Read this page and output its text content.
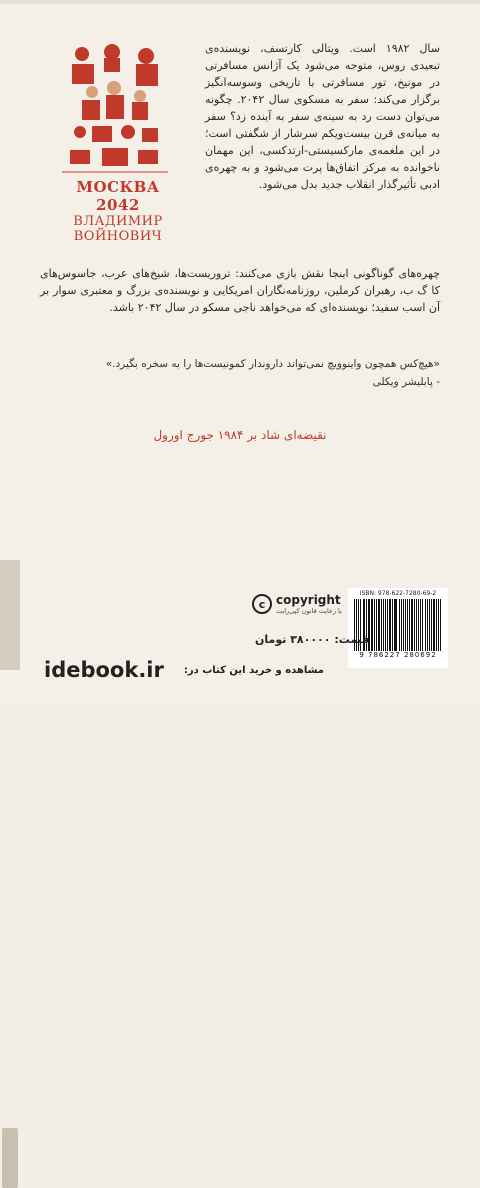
МОСКВА 2042
ВЛАДИМИР
ВОЙНОВИЧ
سال ۱۹۸۲ است. ویتالی کارتسف، نویسنده‌ی تبعیدی روس، متوجه می‌شود یک آژانس مسافرتی در مونیخ، تور مسافرتی با تاریخی وسوسه‌انگیز برگزار می‌کند: سفر به مسکوی سال ۲۰۴۲. چگونه می‌توان دست رد به سینه‌ی سفر به آینده زد؟ سفر به میانه‌ی قرن بیست‌ویکم سرشار از شگفتی است؛ در این ملغمه‌ی مارکسیستی-ارتدکسی، این مهمان ناخوانده به مرکز اتفاق‌ها پرت می‌شود و به چهره‌ی ادبی تأثیرگذار انقلاب جدید بدل می‌شود.
چهره‌های گوناگونی اینجا نقش بازی می‌کنند: تروریست‌ها، شیخ‌های عرب، جاسوس‌های کا گ ب، رهبران کرملین، روزنامه‌نگاران امریکایی و نویسنده‌ی بزرگ و معتبری سوار بر آن اسب سفید؛ نویسنده‌ای که می‌خواهد ناجی مسکو در سال ۲۰۴۲ باشد.
«هیچ‌کس همچون واینوویچ نمی‌تواند داروندار کمونیست‌ها را به سخره بگیرد.»
- پابلیشر ویکلی
نقیضه‌ای شاد بر ۱۹۸۴ جورج اورول
c copyright
با رعایت قانون کپی‌رایت
ISBN: 978-622-7280-69-2
9 786227 280692
قیمت: ۳۸۰۰۰۰ تومان
idebook.ir مشاهده و خرید این کتاب در:
